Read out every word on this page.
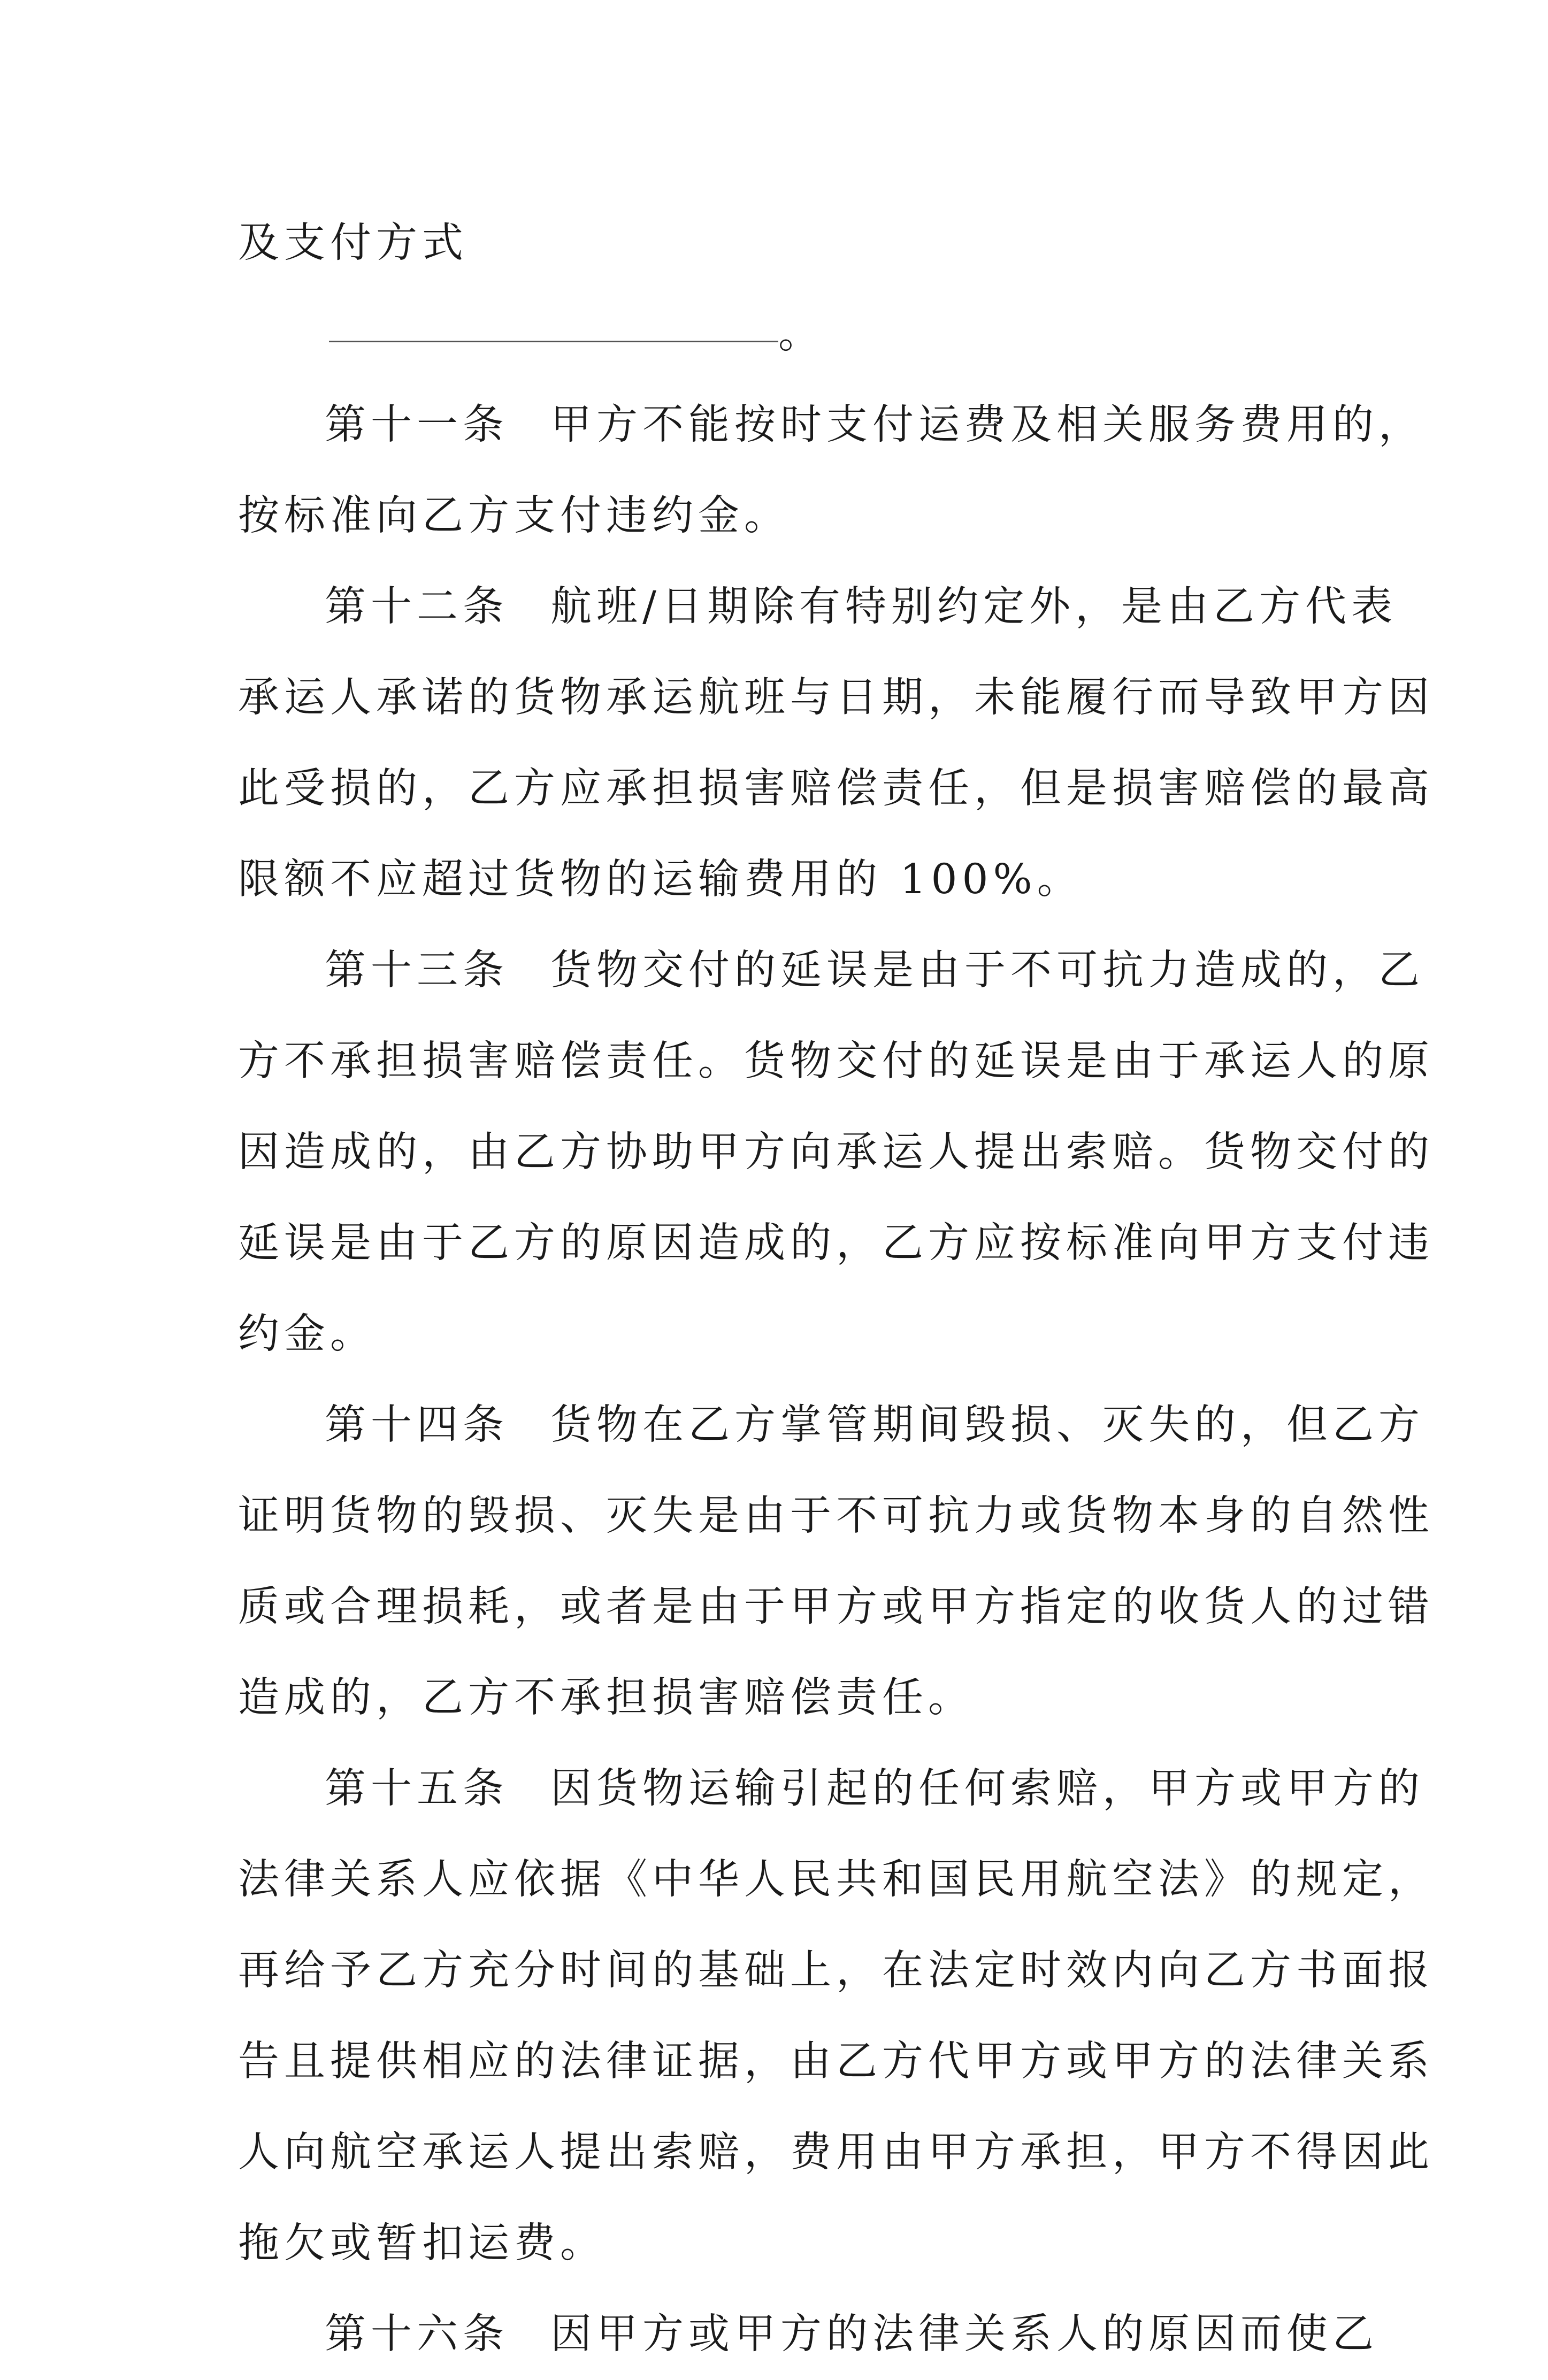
及支付方式
。
第十一条 甲方不能按时支付运费及相关服务费用的，
按标准向乙方支付违约金。
第十二条 航班/日期除有特别约定外，是由乙方代表
承运人承诺的货物承运航班与日期，未能履行而导致甲方因
此受损的，乙方应承担损害赔偿责任，但是损害赔偿的最高
限额不应超过货物的运输费用的 100%。
第十三条 货物交付的延误是由于不可抗力造成的，乙
方不承担损害赔偿责任。货物交付的延误是由于承运人的原
因造成的，由乙方协助甲方向承运人提出索赔。货物交付的
延误是由于乙方的原因造成的，乙方应按标准向甲方支付违
约金。
第十四条 货物在乙方掌管期间毁损、灭失的，但乙方
证明货物的毁损、灭失是由于不可抗力或货物本身的自然性
质或合理损耗，或者是由于甲方或甲方指定的收货人的过错
造成的，乙方不承担损害赔偿责任。
第十五条 因货物运输引起的任何索赔，甲方或甲方的
法律关系人应依据《中华人民共和国民用航空法》的规定，
再给予乙方充分时间的基础上，在法定时效内向乙方书面报
告且提供相应的法律证据，由乙方代甲方或甲方的法律关系
人向航空承运人提出索赔，费用由甲方承担，甲方不得因此
拖欠或暂扣运费。
第十六条 因甲方或甲方的法律关系人的原因而使乙
